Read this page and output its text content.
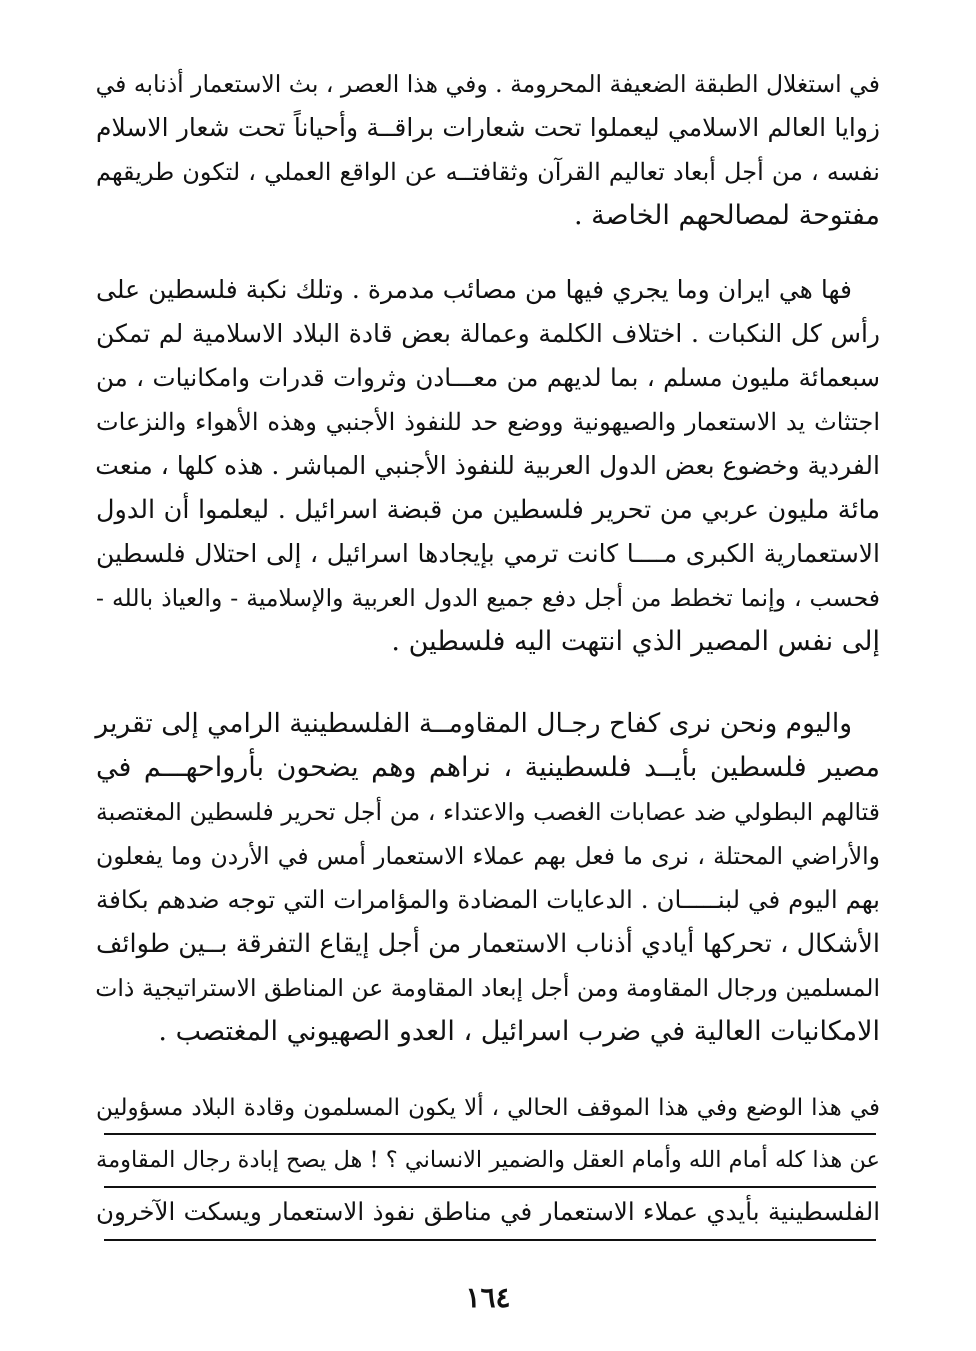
في استغلال الطبقة الضعيفة المحرومة . وفي هذا العصر ، بث الاستعمار أذنابه في
زوايا العالم الاسلامي ليعملوا تحت شعارات براقــة وأحياناً تحت شعار الاسلام
نفسه ، من أجل أبعاد تعاليم القرآن وثقافتــه عن الواقع العملي ، لتكون طريقهم
مفتوحة لمصالحهم الخاصة .
فها هي ايران وما يجري فيها من مصائب مدمرة . وتلك نكبة فلسطين على
رأس كل النكبات . اختلاف الكلمة وعمالة بعض قادة البلاد الاسلامية لم تمكن
سبعمائة مليون مسلم ، بما لديهم من معـــادن وثروات قدرات وامكانيات ، من
اجتثاث يد الاستعمار والصيهونية ووضع حد للنفوذ الأجنبي وهذه الأهواء والنزعات
الفردية وخضوع بعض الدول العربية للنفوذ الأجنبي المباشر . هذه كلها ، منعت
مائة مليون عربي من تحرير فلسطين من قبضة اسرائيل . ليعلموا أن الدول
الاستعمارية الكبرى مــــا كانت ترمي بإيجادها اسرائيل ، إلى احتلال فلسطين
فحسب ، وإنما تخطط من أجل دفع جميع الدول العربية والإسلامية - والعياذ بالله -
إلى نفس المصير الذي انتهت اليه فلسطين .
واليوم ونحن نرى كفاح رجـال المقاومــة الفلسطينية الرامي إلى تقرير
مصير فلسطين بأيــد فلسطينية ، نراهم وهم يضحون بأرواحهـــم في
قتالهم البطولي ضد عصابات الغصب والاعتداء ، من أجل تحرير فلسطين المغتصبة
والأراضي المحتلة ، نرى ما فعل بهم عملاء الاستعمار أمس في الأردن وما يفعلون
بهم اليوم في لبنـــــان . الدعايات المضادة والمؤامرات التي توجه ضدهم بكافة
الأشكال ، تحركها أيادي أذناب الاستعمار من أجل إيقاع التفرقة بــين طوائف
المسلمين ورجال المقاومة ومن أجل إبعاد المقاومة عن المناطق الاستراتيجية ذات
الامكانيات العالية في ضرب اسرائيل ، العدو الصهيوني المغتصب .
في هذا الوضع وفي هذا الموقف الحالي ، ألا يكون المسلمون وقادة البلاد مسؤولين
عن هذا كله أمام الله وأمام العقل والضمير الانساني ؟ ! هل يصح إبادة رجال المقاومة
الفلسطينية بأيدي عملاء الاستعمار في مناطق نفوذ الاستعمار ويسكت الآخرون
١٦٤
